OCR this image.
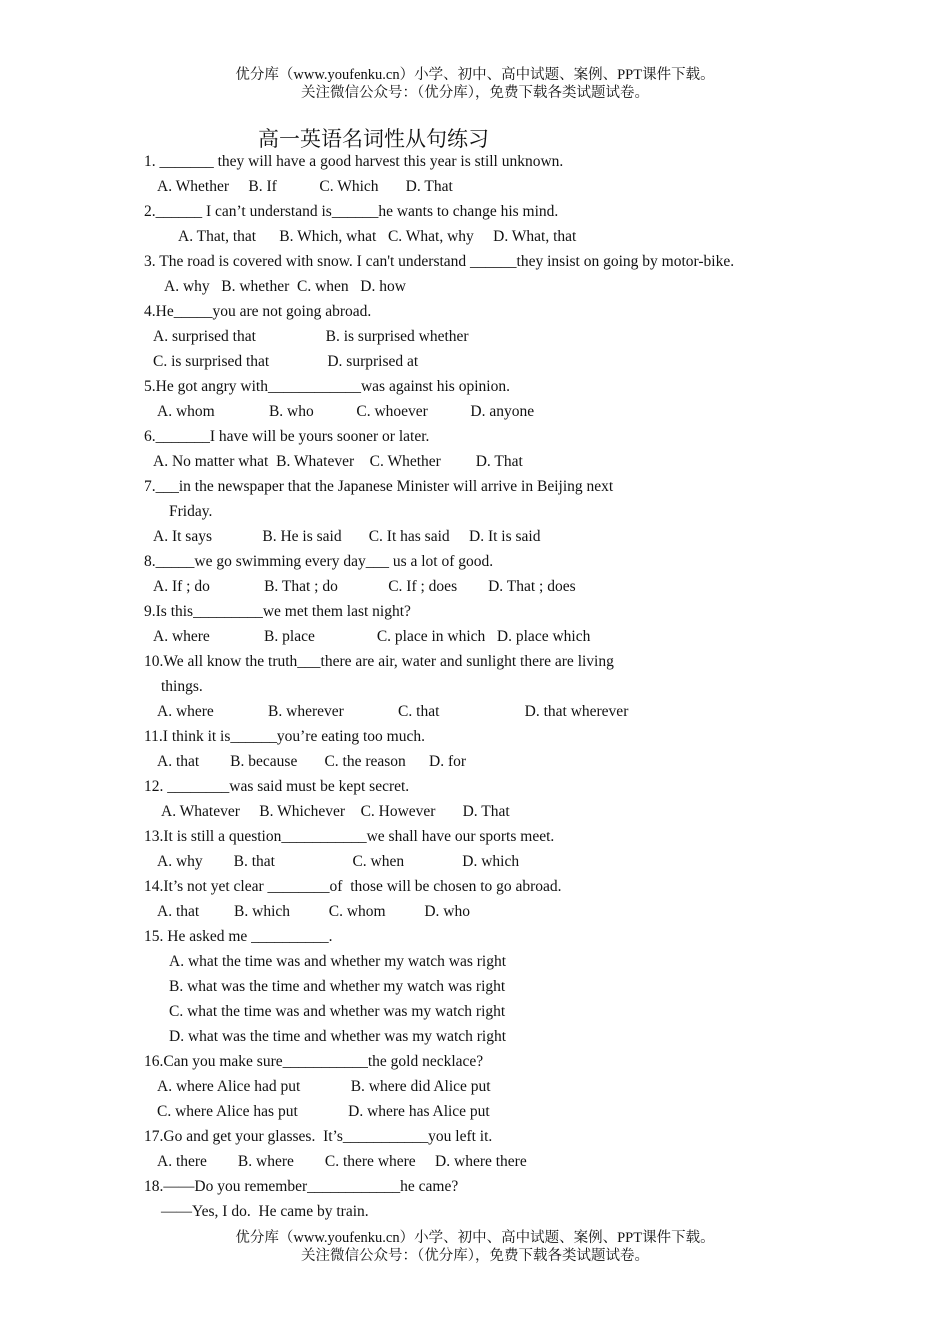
优分库（www.youfenku.cn）小学、初中、高中试题、案例、PPT课件下载。
关注微信公众号：（优分库），免费下载各类试题试卷。
高一英语名词性从句练习
1. _______ they will have a good harvest this year is still unknown.
A. Whether     B. If           C. Which       D. That
2.______ I can’t understand is______he wants to change his mind.
A. That, that      B. Which, what   C. What, why     D. What, that
3. The road is covered with snow. I can't understand ______they insist on going by motor-bike.
A. why   B. whether  C. when   D. how
4.He_____you are not going abroad.
A. surprised that                  B. is surprised whether
C. is surprised that               D. surprised at
5.He got angry with____________was against his opinion.
A. whom              B. who           C. whoever           D. anyone
6._______I have will be yours sooner or later.
A. No matter what  B. Whatever    C. Whether         D. That
7.___in the newspaper that the Japanese Minister will arrive in Beijing next
Friday.
A. It says             B. He is said       C. It has said     D. It is said
8._____we go swimming every day___ us a lot of good.
A. If ; do              B. That ; do             C. If ; does        D. That ; does
9.Is this_________we met them last night?
A. where              B. place                C. place in which   D. place which
10.We all know the truth___there are air, water and sunlight there are living
things.
A. where              B. wherever              C. that                      D. that wherever
11.I think it is______you’re eating too much.
A. that        B. because       C. the reason      D. for
12. ________was said must be kept secret.
A. Whatever     B. Whichever    C. However       D. That
13.It is still a question___________we shall have our sports meet.
A. why        B. that                    C. when               D. which
14.It’s not yet clear ________of  those will be chosen to go abroad.
A. that         B. which          C. whom          D. who
15. He asked me __________.
A. what the time was and whether my watch was right
B. what was the time and whether my watch was right
C. what the time was and whether was my watch right
D. what was the time and whether was my watch right
16.Can you make sure___________the gold necklace?
A. where Alice had put             B. where did Alice put
C. where Alice has put             D. where has Alice put
17.Go and get your glasses.  It’s___________you left it.
A. there        B. where        C. there where     D. where there
18.——Do you remember____________he came?
——Yes, I do.  He came by train.
优分库（www.youfenku.cn）小学、初中、高中试题、案例、PPT课件下载。
关注微信公众号：（优分库），免费下载各类试题试卷。
